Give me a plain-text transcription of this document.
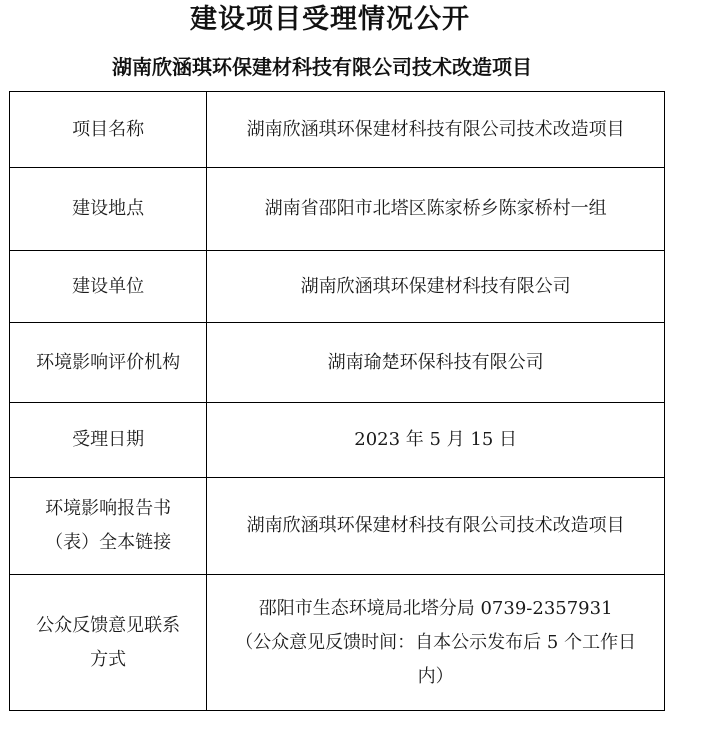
建设项目受理情况公开
湖南欣涵琪环保建材科技有限公司技术改造项目
项目名称	湖南欣涵琪环保建材科技有限公司技术改造项目
建设地点	湖南省邵阳市北塔区陈家桥乡陈家桥村一组
建设单位	湖南欣涵琪环保建材科技有限公司
环境影响评价机构	湖南瑜楚环保科技有限公司
受理日期	2023 年 5 月 15 日

环境影响报告书
（表）全本链接	湖南欣涵琪环保建材科技有限公司技术改造项目

公众反馈意见联系
方式	邵阳市生态环境局北塔分局 0739-2357931
（公众意见反馈时间：自本公示发布后 5 个工作日
内）
